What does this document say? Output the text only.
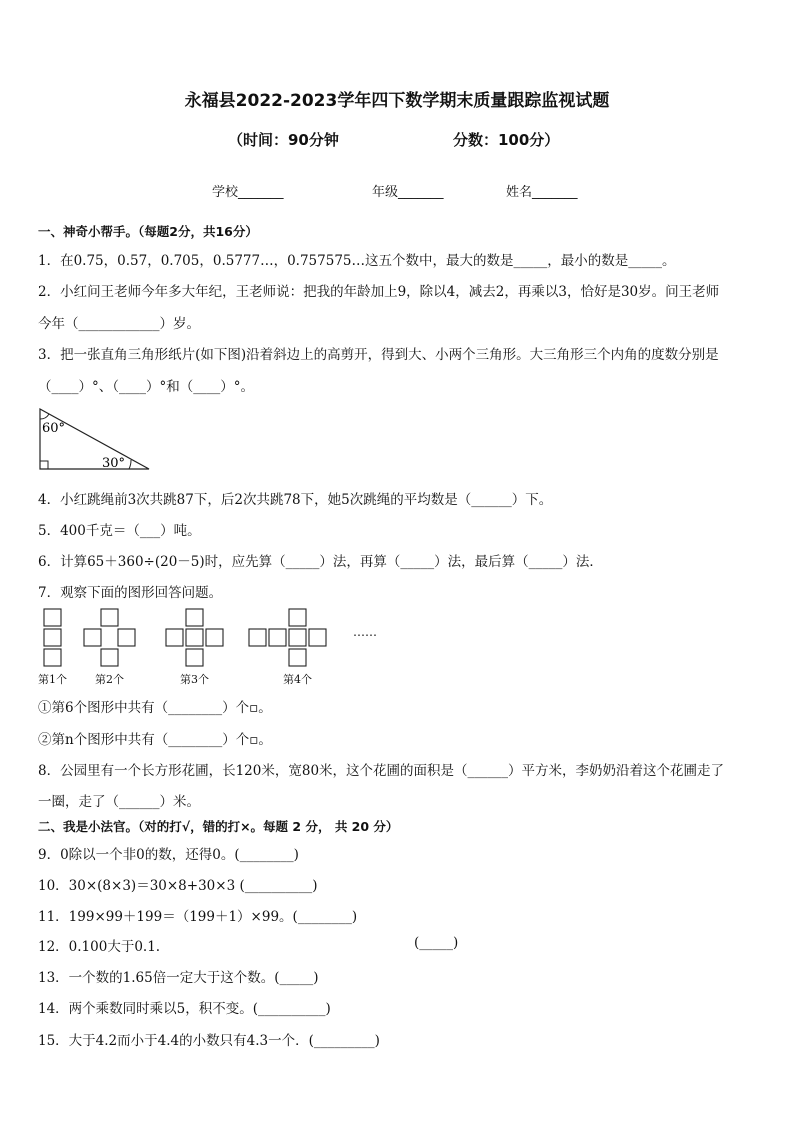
永福县2022-2023学年四下数学期末质量跟踪监视试题
（时间：90分钟	分数：100分）
学校_______	年级_______	姓名_______
一、神奇小帮手。（每题2分，共16分）
1．在0.75，0.57，0.705，0.5777…，0.757575…这五个数中，最大的数是_____，最小的数是_____。
2．小红问王老师今年多大年纪，王老师说：把我的年龄加上9，除以4，减去2，再乘以3，恰好是30岁。问王老师
今年（____________）岁。
3．把一张直角三角形纸片(如下图)沿着斜边上的高剪开，得到大、小两个三角形。大三角形三个内角的度数分别是
（____）°、（____）°和（____）°。
60°
30°
4．小红跳绳前3次共跳87下，后2次共跳78下，她5次跳绳的平均数是（______）下。
5．400千克＝（___）吨。
6．计算65＋360÷(20－5)时，应先算（_____）法，再算（_____）法，最后算（_____）法．
7．观察下面的图形回答问题。
……
第1个	第2个	第3个	第4个
①第6个图形中共有（________）个▫。
②第n个图形中共有（________）个▫。
8．公园里有一个长方形花圃，长120米，宽80米，这个花圃的面积是（______）平方米，李奶奶沿着这个花圃走了
一圈，走了（______）米。
二、我是小法官。（对的打√，错的打×。每题 2 分， 共 20 分）
9．0除以一个非0的数，还得0。(________)
10．30×(8×3)＝30×8+30×3 (__________)
11．199×99＋199＝（199＋1）×99。(________)
12．0.100大于0.1.	(_____)
13．一个数的1.65倍一定大于这个数。(_____)
14．两个乘数同时乘以5，积不变。(__________)
15．大于4.2而小于4.4的小数只有4.3一个．(_________)
